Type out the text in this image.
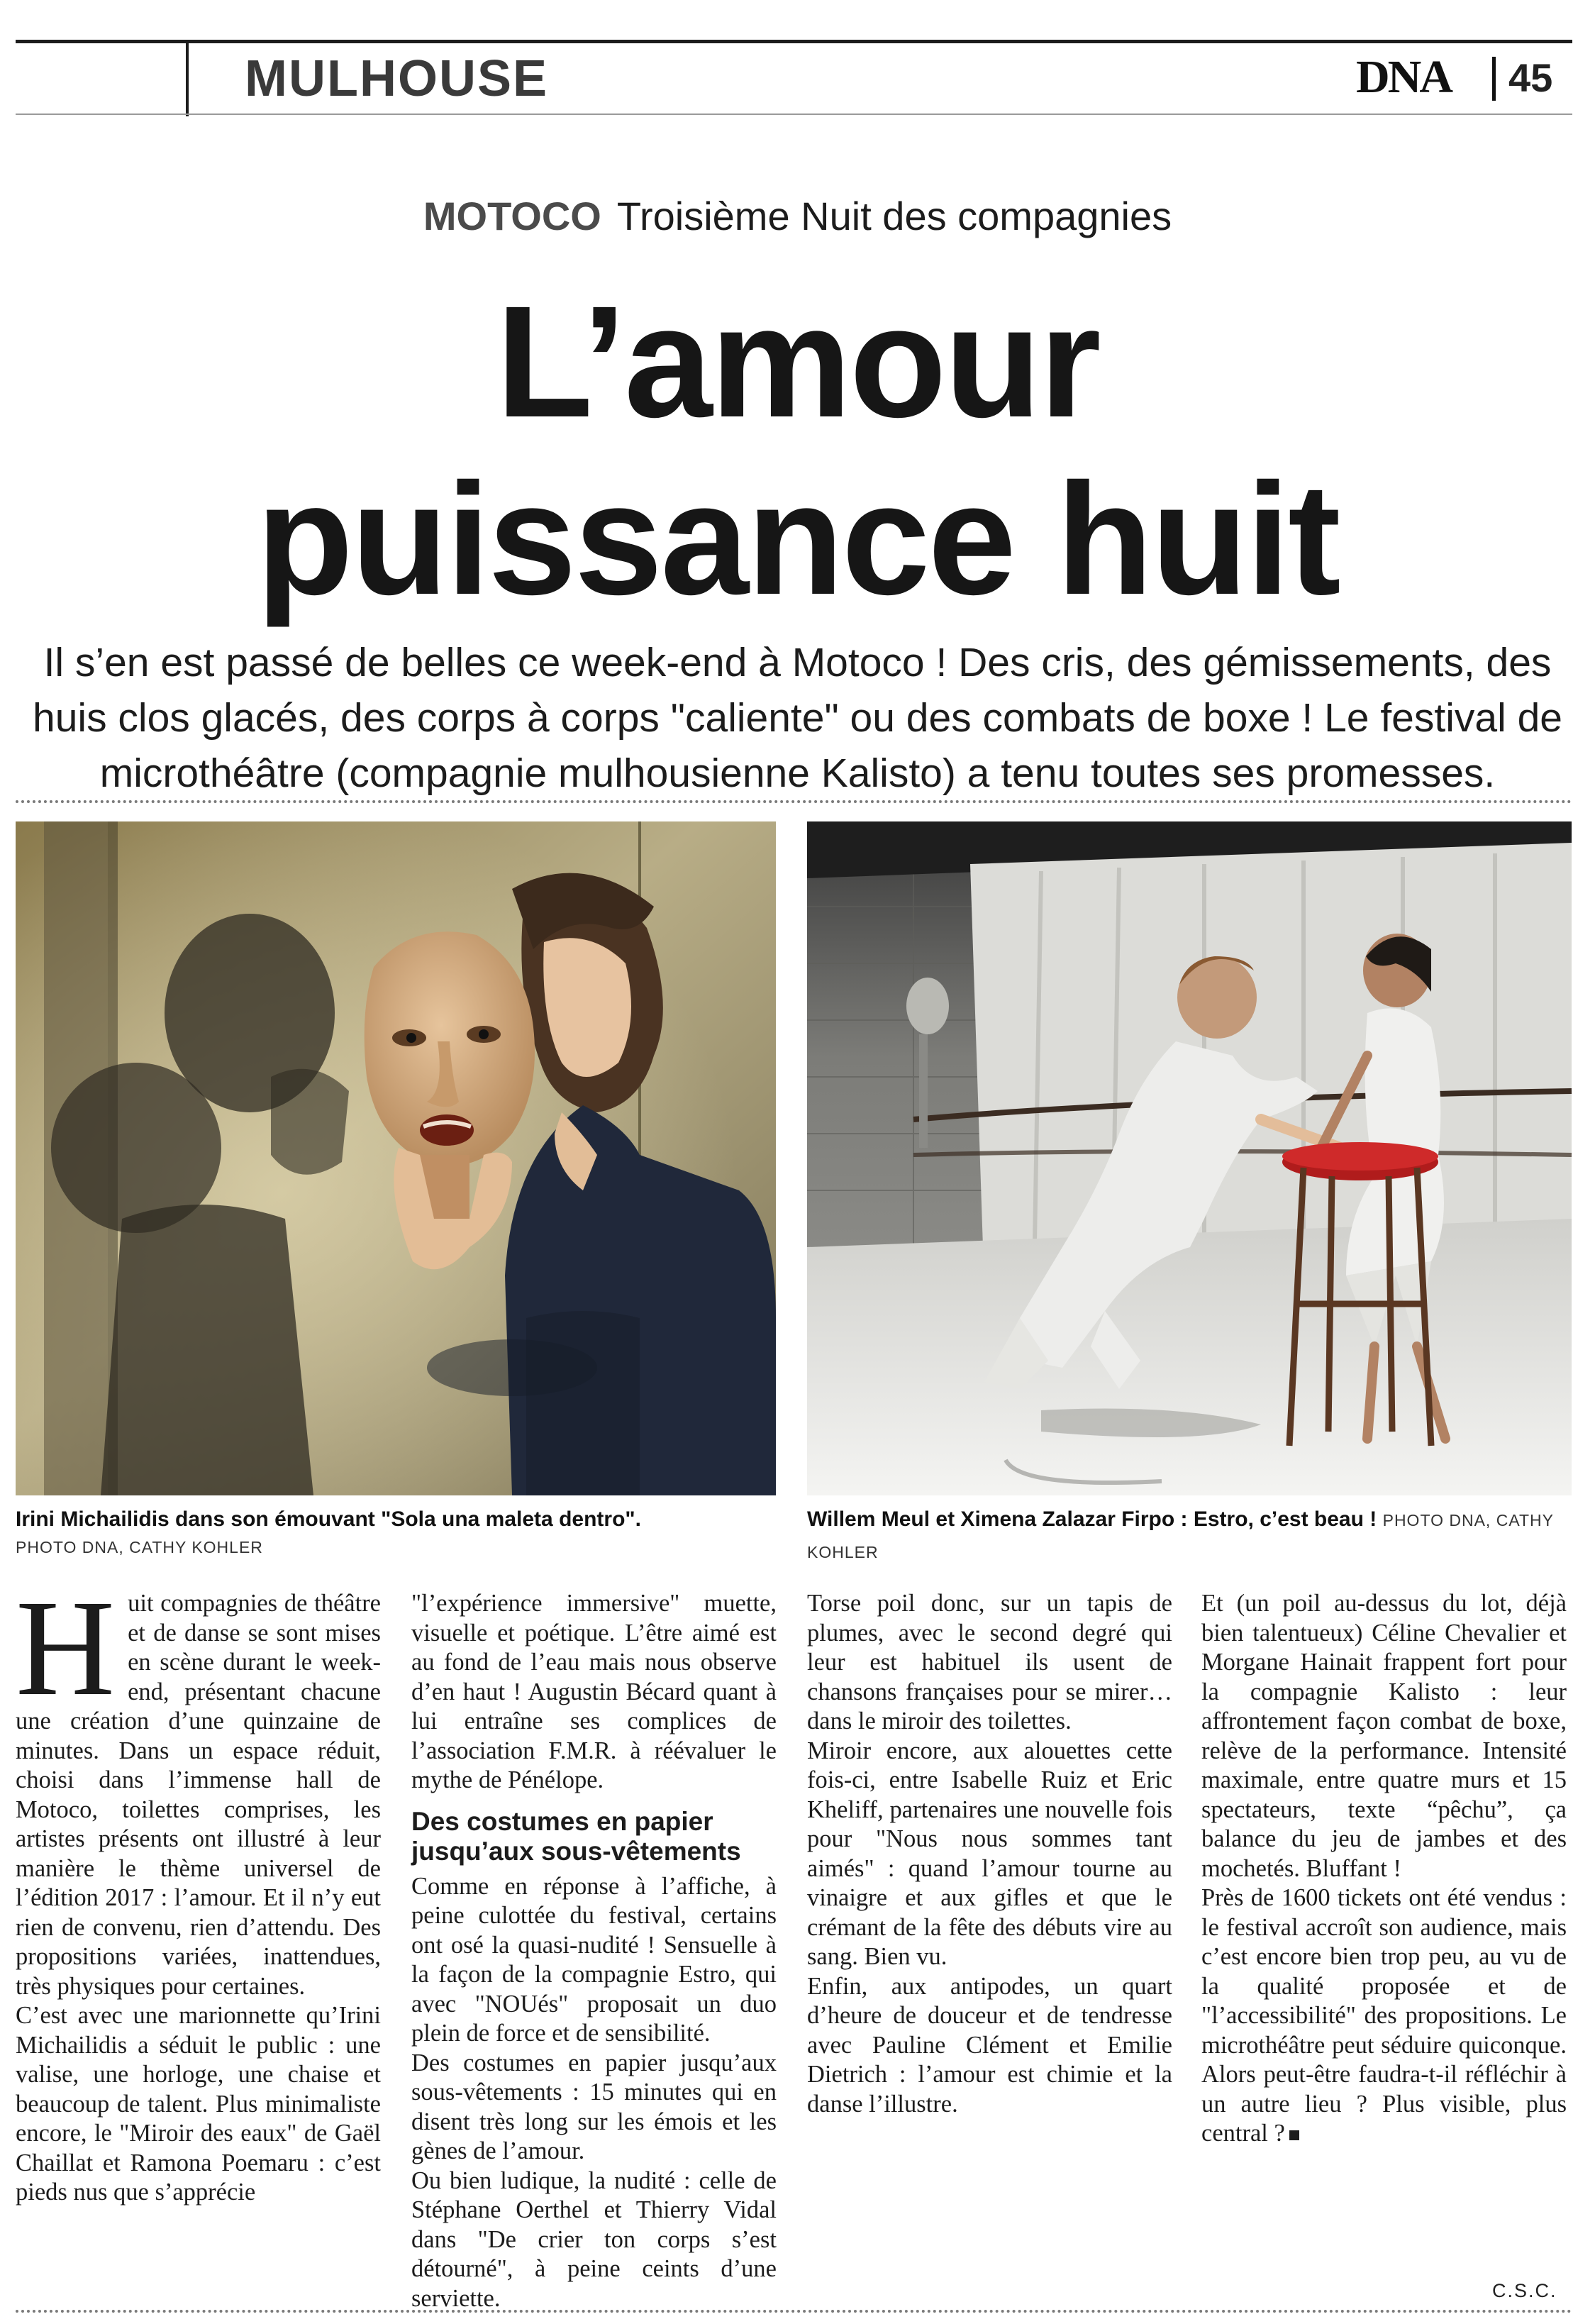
MULHOUSE	DNA 45
MOTOCO Troisième Nuit des compagnies
L’amour
puissance huit
Il s’en est passé de belles ce week-end à Motoco ! Des cris, des gémissements, des huis clos glacés, des corps à corps "caliente" ou des combats de boxe ! Le festival de microthéâtre (compagnie mulhousienne Kalisto) a tenu toutes ses promesses.
Irini Michailidis dans son émouvant "Sola una maleta dentro".
PHOTO DNA, CATHY KOHLER
Willem Meul et Ximena Zalazar Firpo : Estro, c’est beau ! PHOTO DNA, CATHY KOHLER
H uit compagnies de théâtre et de danse se sont mises en scène durant le week-end, présentant chacune une création d’une quinzaine de minutes. Dans un espace réduit, choisi dans l’immense hall de Motoco, toilettes comprises, les artistes présents ont illustré à leur manière le thème universel de l’édition 2017 : l’amour. Et il n’y eut rien de convenu, rien d’attendu. Des propositions variées, inattendues, très physiques pour certaines.

C’est avec une marionnette qu’Irini Michailidis a séduit le public : une valise, une horloge, une chaise et beaucoup de talent. Plus minimaliste encore, le "Miroir des eaux" de Gaël Chaillat et Ramona Poemaru : c’est pieds nus que s’apprécie

"l’expérience immersive" muette, visuelle et poétique. L’être aimé est au fond de l’eau mais nous observe d’en haut ! Augustin Bécard quant à lui entraîne ses complices de l’association F.M.R. à réévaluer le mythe de Pénélope.

Des costumes en papier jusqu’aux sous-vêtements

Comme en réponse à l’affiche, à peine culottée du festival, certains ont osé la quasi-nudité ! Sensuelle à la façon de la compagnie Estro, qui avec "NOUés" proposait un duo plein de force et de sensibilité.

Des costumes en papier jusqu’aux sous-vêtements : 15 minutes qui en disent très long sur les émois et les gènes de l’amour.

Ou bien ludique, la nudité : celle de Stéphane Oerthel et Thierry Vidal dans "De crier ton corps s’est détourné", à peine ceints d’une serviette.

Torse poil donc, sur un tapis de plumes, avec le second degré qui leur est habituel ils usent de chansons françaises pour se mirer… dans le miroir des toilettes.

Miroir encore, aux alouettes cette fois-ci, entre Isabelle Ruiz et Eric Kheliff, partenaires une nouvelle fois pour "Nous nous sommes tant aimés" : quand l’amour tourne au vinaigre et aux gifles et que le crémant de la fête des débuts vire au sang. Bien vu.

Enfin, aux antipodes, un quart d’heure de douceur et de tendresse avec Pauline Clément et Emilie Dietrich : l’amour est chimie et la danse l’illustre.

Et (un poil au-dessus du lot, déjà bien talentueux) Céline Chevalier et Morgane Hainait frappent fort pour la compagnie Kalisto : leur affrontement façon combat de boxe, relève de la performance. Intensité maximale, entre quatre murs et 15 spectateurs, texte “pêchu”, ça balance du jeu de jambes et des mochetés. Bluffant !

Près de 1600 tickets ont été vendus : le festival accroît son audience, mais c’est encore bien trop peu, au vu de la qualité proposée et de "l’accessibilité" des propositions. Le microthéâtre peut séduire quiconque. Alors peut-être faudra-t-il réfléchir à un autre lieu ? Plus visible, plus central ?

C.S.C.
